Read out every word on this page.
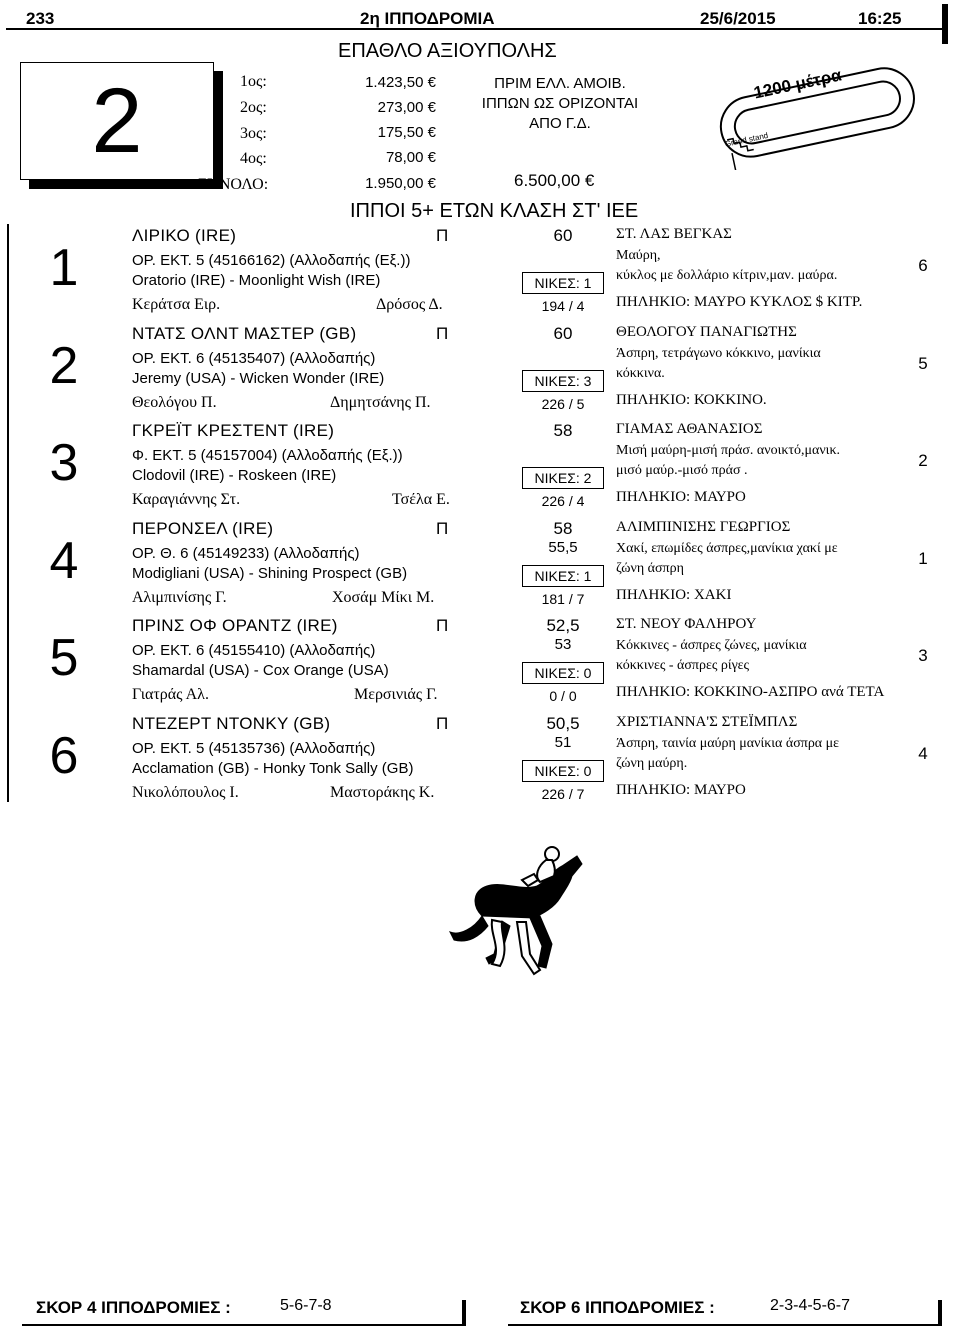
233	2η ΙΠΠΟΔΡΟΜΙΑ	25/6/2015	16:25
ΕΠΑΘΛΟ ΑΞΙΟΥΠΟΛΗΣ
2	1ος:	1.423,50 €
2ος:	273,00 €
3ος:	175,50 €
4ος:	78,00 €
ΣΥΝΟΛΟ:	1.950,00 €
ΠΡΙΜ ΕΛΛ. ΑΜΟΙΒ.
ΙΠΠΩΝ ΩΣ ΟΡΙΖΟΝΤΑΙ
ΑΠΟ Γ.Δ.
6.500,00 €
1200 μέτρα
Grand stand
ΙΠΠΟΙ 5+ ΕΤΩΝ ΚΛΑΣΗ ΣΤ' ΙΕΕ
1
ΛΙΡΙΚΟ (IRE)	Π	60
ΟΡ. ΕΚΤ. 5 (45166162) (Αλλοδαπής (Εξ.))
Oratorio (IRE) - Moonlight Wish (IRE)	ΝΙΚΕΣ: 1
Κεράτσα Ειρ.	Δρόσος Δ.	194 / 4
ΣΤ. ΛΑΣ ΒΕΓΚΑΣ
Μαύρη,
κύκλος με δολλάριο κίτριν,μαν. μαύρα.
ΠΗΛΗΚΙΟ: ΜΑΥΡΟ ΚΥΚΛΟΣ $ ΚΙΤΡ.
6
2
ΝΤΑΤΣ ΟΛΝΤ ΜΑΣΤΕΡ (GB)	Π	60
ΟΡ. ΕΚΤ. 6 (45135407) (Αλλοδαπής)
Jeremy (USA) - Wicken Wonder (IRE)	ΝΙΚΕΣ: 3
Θεολόγου Π.	Δημητσάνης Π.	226 / 5
ΘΕΟΛΟΓΟΥ ΠΑΝΑΓΙΩΤΗΣ
Άσπρη, τετράγωνο κόκκινο, μανίκια
κόκκινα.
ΠΗΛΗΚΙΟ: ΚΟΚΚΙΝΟ.
5
3
ΓΚΡΕΪΤ ΚΡΕΣΤΕΝΤ (IRE)	58
Φ. ΕΚΤ. 5 (45157004) (Αλλοδαπής (Εξ.))
Clodovil (IRE) - Roskeen (IRE)	ΝΙΚΕΣ: 2
Καραγιάννης Στ.	Τσέλα Ε.	226 / 4
ΓΙΑΜΑΣ ΑΘΑΝΑΣΙΟΣ
Μισή μαύρη-μισή πράσ. ανοικτό,μανικ.
μισό μαύρ.-μισό πράσ .
ΠΗΛΗΚΙΟ: ΜΑΥΡΟ
2
4
ΠΕΡΟΝΣΕΛ (IRE)	Π	58
55,5
ΟΡ. Θ. 6 (45149233) (Αλλοδαπής)
Modigliani (USA) - Shining Prospect (GB)	ΝΙΚΕΣ: 1
Αλιμπινίσης Γ.	Χοσάμ Μίκι Μ.	181 / 7
ΑΛΙΜΠΙΝΙΣΗΣ ΓΕΩΡΓΙΟΣ
Χακί, επωμίδες άσπρες,μανίκια χακί με
ζώνη άσπρη
ΠΗΛΗΚΙΟ: ΧΑΚΙ
1
5
ΠΡΙΝΣ ΟΦ ΟΡΑΝΤΖ (IRE)	Π	52,5
53
ΟΡ. ΕΚΤ. 6 (45155410) (Αλλοδαπής)
Shamardal (USA) - Cox Orange (USA)	ΝΙΚΕΣ: 0
Γιατράς Αλ.	Μερσινιάς Γ.	0 / 0
ΣΤ. ΝΕΟΥ ΦΑΛΗΡΟΥ
Κόκκινες - άσπρες ζώνες, μανίκια
κόκκινες - άσπρες ρίγες
ΠΗΛΗΚΙΟ: ΚΟΚΚΙΝΟ-ΑΣΠΡΟ ανά ΤΕΤΑ
3
6
ΝΤΕΖΕΡΤ ΝΤΟΝΚΥ (GB)	Π	50,5
51
ΟΡ. ΕΚΤ. 5 (45135736) (Αλλοδαπής)
Acclamation (GB) - Honky Tonk Sally (GB)	ΝΙΚΕΣ: 0
Νικολόπουλος Ι.	Μαστοράκης Κ.	226 / 7
ΧΡΙΣΤΙΑΝΝΑ'Σ ΣΤΕΪΜΠΛΣ
Άσπρη, ταινία μαύρη μανίκια άσπρα με
ζώνη μαύρη.
ΠΗΛΗΚΙΟ: ΜΑΥΡΟ
4
ΣΚΟΡ 4 ΙΠΠΟΔΡΟΜΙΕΣ :	5-6-7-8	ΣΚΟΡ 6 ΙΠΠΟΔΡΟΜΙΕΣ :	2-3-4-5-6-7
